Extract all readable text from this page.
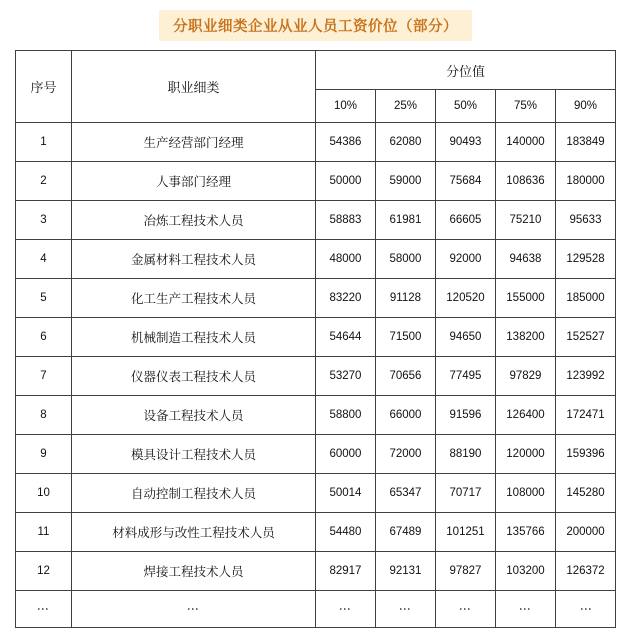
分职业细类企业从业人员工资价位（部分）
序号	职业细类	分位值				
		10%	25%	50%	75%	90%
1	生产经营部门经理	54386	62080	90493	140000	183849
2	人事部门经理	50000	59000	75684	108636	180000
3	冶炼工程技术人员	58883	61981	66605	75210	95633
4	金属材料工程技术人员	48000	58000	92000	94638	129528
5	化工生产工程技术人员	83220	91128	120520	155000	185000
6	机械制造工程技术人员	54644	71500	94650	138200	152527
7	仪器仪表工程技术人员	53270	70656	77495	97829	123992
8	设备工程技术人员	58800	66000	91596	126400	172471
9	模具设计工程技术人员	60000	72000	88190	120000	159396
10	自动控制工程技术人员	50014	65347	70717	108000	145280
11	材料成形与改性工程技术人员	54480	67489	101251	135766	200000
12	焊接工程技术人员	82917	92131	97827	103200	126372
⋮	⋮	⋮	⋮	⋮	⋮	⋮
